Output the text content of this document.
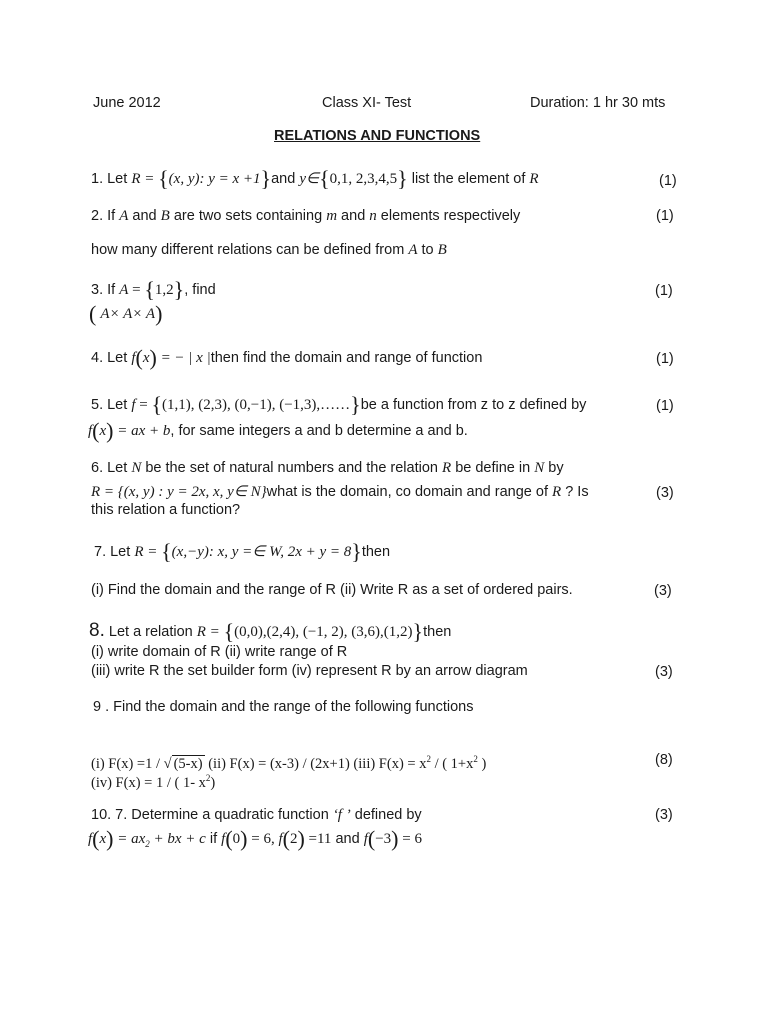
June 2012	Class XI- Test	Duration: 1 hr 30 mts
RELATIONS AND FUNCTIONS
1. Let R = {(x, y): y = x +1}and y∈{0,1, 2,3,4,5} list the element of R	(1)
2. If A and B are two sets containing m and n elements respectively	(1)
how many different relations can be defined from A to B
3. If A = {1,2}, find	(1)
( A× A× A)
4. Let f(x) = − | x |then find the domain and range of function	(1)
5. Let f = {(1,1), (2,3), (0,−1), (−1,3),……}be a function from z to z defined by	(1)
f(x) = ax + b, for same integers a and b determine a and b.
6. Let N be the set of natural numbers and the relation R be define in N by
R = {(x, y) : y = 2x, x, y∈ N}what is the domain, co domain and range of R ? Is	(3)
this relation a function?
7. Let R = {(x,−y): x, y =∈ W, 2x + y = 8}then
(i) Find the domain and the range of R (ii) Write R as a set of ordered pairs.	(3)
8. Let a relation R = {(0,0),(2,4), (−1, 2), (3,6),(1,2)}then
(i) write domain of R (ii) write range of R
(iii) write R the set builder form (iv) represent R by an arrow diagram	(3)
9 . Find the domain and the range of the following functions
(i) F(x) =1 / √ (5-x) (ii) F(x) = (x-3) / (2x+1) (iii) $F(x) = x^2$ / ( $1+x^2$ )	(8)
(iv) F(x) = 1 / ( 1- $x^2$)
10. 7. Determine a quadratic function ‘f ’ defined by	(3)
$f(x) = ax_2$ + bx + c if f(0) = 6, f(2) =11 and f(−3) = 6
